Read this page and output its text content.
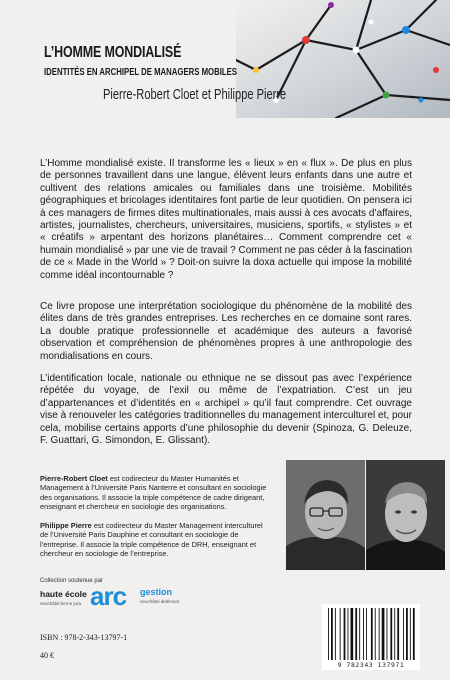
L’HOMME MONDIALISÉ
IDENTITÉS EN ARCHIPEL DE MANAGERS MOBILES
Pierre-Robert Cloet et Philippe Pierre
L’Homme mondialisé existe. Il transforme les « lieux » en « flux ». De plus en plus de personnes travaillent dans une langue, élèvent leurs enfants dans une autre et cultivent des relations amicales ou familiales dans une troisième. Mobilités géographiques et bricolages identitaires font partie de leur quotidien. On pensera ici à ces managers de firmes dites multinationales, mais aussi à ces avocats d’affaires, artistes, journalistes, chercheurs, universitaires, musiciens, sportifs, « stylistes » et « créatifs » arpentant des horizons planétaires… Comment comprendre cet « humain mondialisé » par une vie de travail ? Comment ne pas céder à la fascination de ce « Made in the World » ? Doit-on suivre la doxa actuelle qui impose la mobilité comme idéal incontournable ?
Ce livre propose une interprétation sociologique du phénomène de la mobilité des élites dans de très grandes entreprises. Les recherches en ce domaine sont rares. La double pratique professionnelle et académique des auteurs a favorisé observation et compréhension de phénomènes propres à une anthropologie des mondialisations en cours.
L’identification locale, nationale ou ethnique ne se dissout pas avec l’expérience répétée du voyage, de l’exil ou même de l’expatriation. C’est un jeu d’appartenances et d’identités en « archipel » qu’il faut comprendre. Cet ouvrage vise à renouveler les catégories traditionnelles du management interculturel et, pour cela, mobilise certains apports d’une philosophie du devenir (Spinoza, G. Deleuze, F. Guattari, G. Simondon, E. Glissant).
Pierre-Robert Cloet est codirecteur du Master Humanités et Management à l’Université Paris Nanterre et consultant en sociologie des organisations. Il associe la triple compétence de cadre dirigeant, enseignant et chercheur en sociologie des organisations.
Philippe Pierre est codirecteur du Master Management interculturel de l’Université Paris Dauphine et consultant en sociologie de l’entreprise. Il associe la triple compétence de DRH, enseignant et chercheur en sociologie de l’entreprise.
Collection soutenue par
haute école
neuchâtel berne jura arc gestion
neuchâtel delémont
ISBN : 978-2-343-13797-1
40 €
9 782343 137971
